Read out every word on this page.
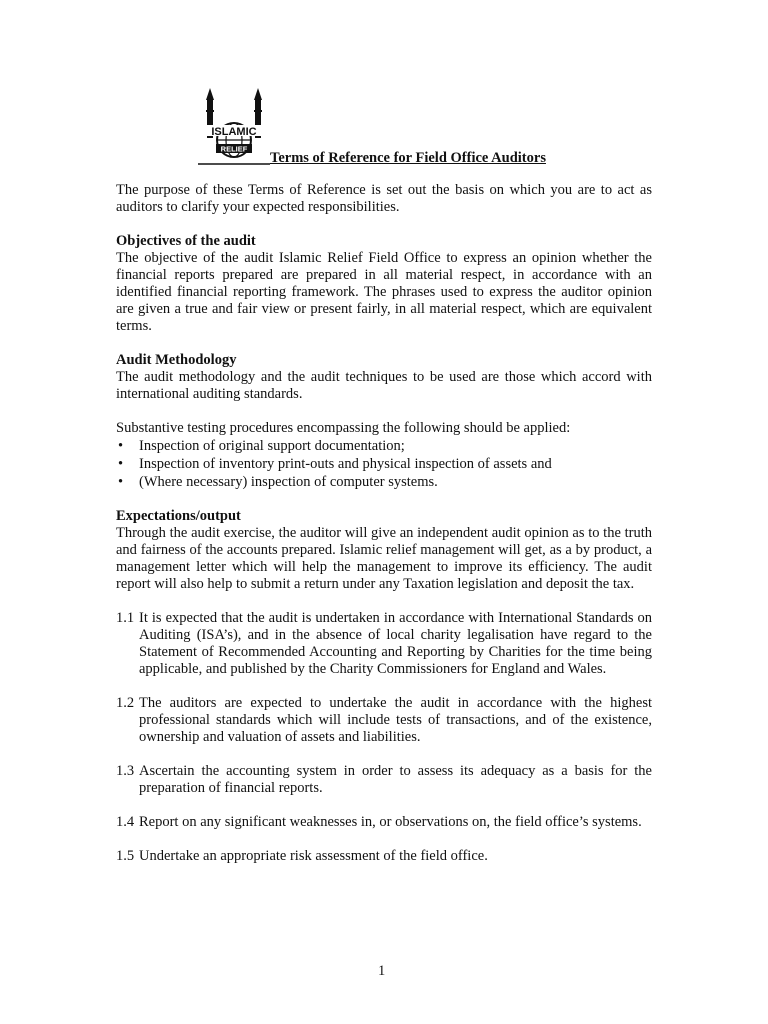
ISLAMIC
RELIEF
Terms of Reference for Field Office Auditors

The purpose of these Terms of Reference is set out the basis on which you are to act as auditors to clarify your expected responsibilities.

Objectives of the audit

The objective of the audit Islamic Relief Field Office to express an opinion whether the financial reports prepared are prepared in all material respect, in accordance with an identified financial reporting framework. The phrases used to express the auditor opinion are given a true and fair view or present fairly, in all material respect, which are equivalent terms.

Audit Methodology

The audit methodology and the audit techniques to be used are those which accord with international auditing standards.

Substantive testing procedures encompassing the following should be applied:

• Inspection of original support documentation;
• Inspection of inventory print-outs and physical inspection of assets and
• (Where necessary) inspection of computer systems.
Expectations/output

Through the audit exercise, the auditor will give an independent audit opinion as to the truth and fairness of the accounts prepared. Islamic relief management will get, as a by product, a management letter which will help the management to improve its efficiency. The audit report will also help to submit a return under any Taxation legislation and deposit the tax.

1.1 It is expected that the audit is undertaken in accordance with International Standards on Auditing (ISA’s), and in the absence of local charity legalisation have regard to the Statement of Recommended Accounting and Reporting by Charities for the time being applicable, and published by the Charity Commissioners for England and Wales.

1.2 The auditors are expected to undertake the audit in accordance with the highest professional standards which will include tests of transactions, and of the existence, ownership and valuation of assets and liabilities.

1.3 Ascertain the accounting system in order to assess its adequacy as a basis for the preparation of financial reports.

1.4 Report on any significant weaknesses in, or observations on, the field office’s systems.

1.5 Undertake an appropriate risk assessment of the field office.

1
